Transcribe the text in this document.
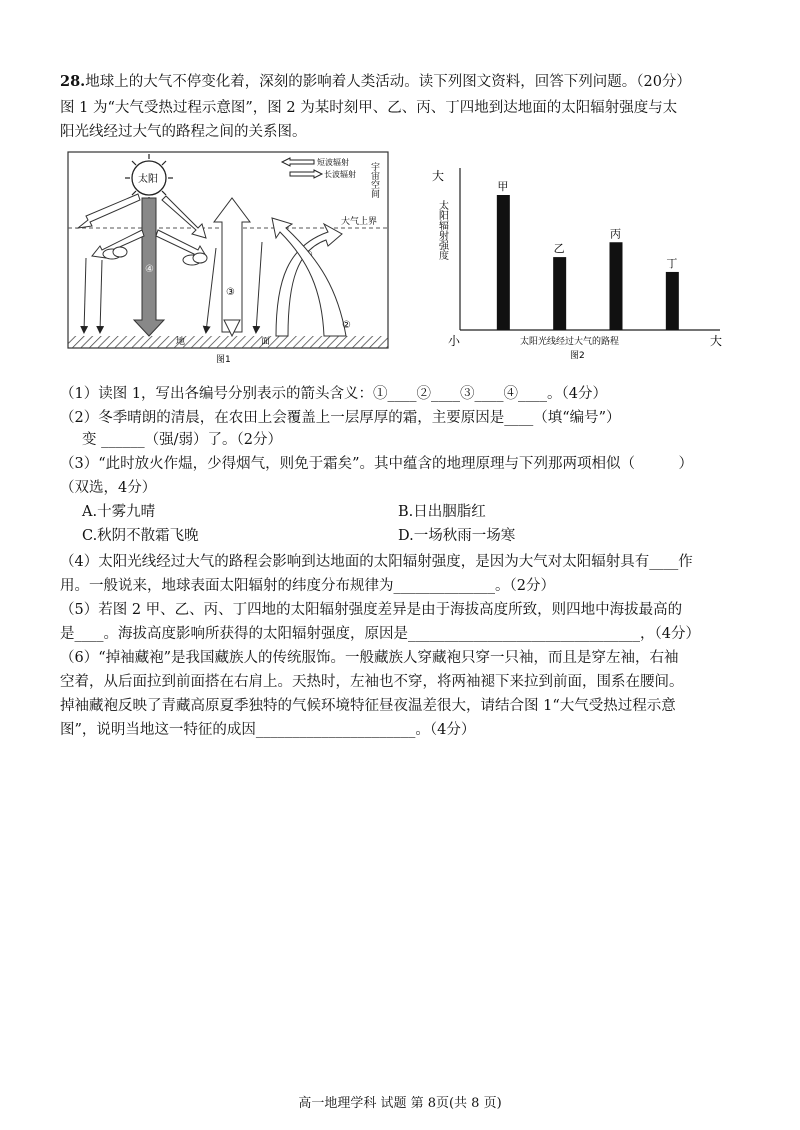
28.地球上的大气不停变化着，深刻的影响着人类活动。读下列图文资料，回答下列问题。（20分）
图 1 为“大气受热过程示意图”，图 2 为某时刻甲、乙、丙、丁四地到达地面的太阳辐射强度与太
阳光线经过大气的路程之间的关系图。
大气上界
地	面
短波辐射
长波辐射 宇宙空间
太阳
④
③
②
图1
大
太阳辐射强度
甲
乙
丙
丁
小	大
太阳光线经过大气的路程
图2
（1）读图 1，写出各编号分别表示的箭头含义：①____②____③____④____。（4分）
（2）冬季晴朗的清晨，在农田上会覆盖上一层厚厚的霜，主要原因是____（填“编号”）
变 ______（强/弱）了。（2分）
（3）“此时放火作煴，少得烟气，则免于霜矣”。其中蕴含的地理原理与下列那两项相似（　　　）
（双选，4分）
A.十雾九晴	B.日出胭脂红
C.秋阴不散霜飞晚	D.一场秋雨一场寒
（4）太阳光线经过大气的路程会影响到达地面的太阳辐射强度，是因为大气对太阳辐射具有____作
用。一般说来，地球表面太阳辐射的纬度分布规律为______________。（2分）
（5）若图 2 甲、乙、丙、丁四地的太阳辐射强度差异是由于海拔高度所致，则四地中海拔最高的
是____。海拔高度影响所获得的太阳辐射强度，原因是________________________________，（4分）
（6）“掉袖藏袍”是我国藏族人的传统服饰。一般藏族人穿藏袍只穿一只袖，而且是穿左袖，右袖
空着，从后面拉到前面搭在右肩上。天热时，左袖也不穿，将两袖褪下来拉到前面，围系在腰间。
掉袖藏袍反映了青藏高原夏季独特的气候环境特征昼夜温差很大，请结合图 1“大气受热过程示意
图”，说明当地这一特征的成因______________________。（4分）
高一地理学科 试题 第 8页(共 8 页)
